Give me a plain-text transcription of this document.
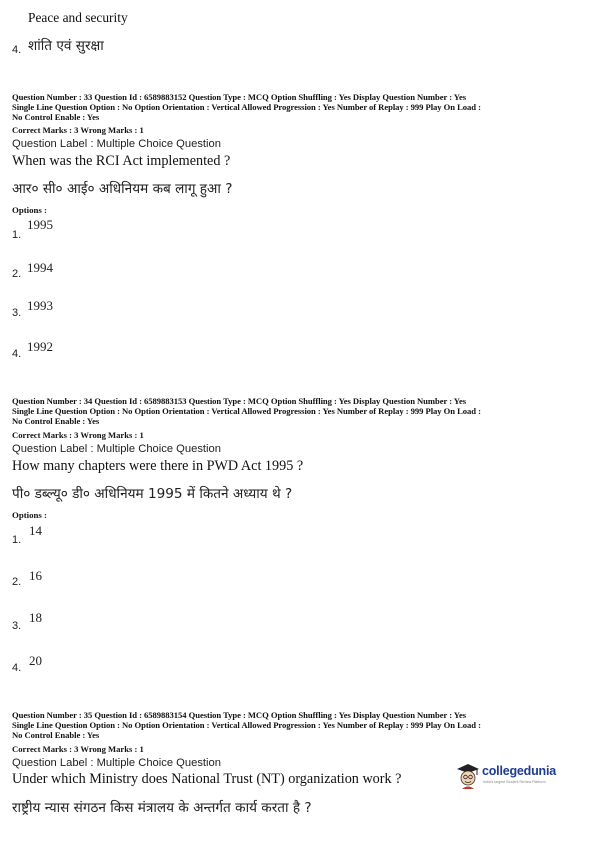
Peace and security
4. शांति एवं सुरक्षा
Question Number : 33 Question Id : 6589883152 Question Type : MCQ Option Shuffling : Yes Display Question Number : Yes
Single Line Question Option : No Option Orientation : Vertical Allowed Progression : Yes Number of Replay : 999 Play On Load :
No Control Enable : Yes
Correct Marks : 3 Wrong Marks : 1
Question Label : Multiple Choice Question
When was the RCI Act implemented ?
आर० सी० आई० अधिनियम कब लागू हुआ ?
Options :
1.
1995
2. 1994
3. 1993
4. 1992
Question Number : 34 Question Id : 6589883153 Question Type : MCQ Option Shuffling : Yes Display Question Number : Yes
Single Line Question Option : No Option Orientation : Vertical Allowed Progression : Yes Number of Replay : 999 Play On Load :
No Control Enable : Yes
Correct Marks : 3 Wrong Marks : 1
Question Label : Multiple Choice Question
How many chapters were there in PWD Act 1995 ?
पी० डब्ल्यू० डी० अधिनियम 1995 में कितने अध्याय थे ?
Options :
1.
14
2. 16
3.
18
4. 20
Question Number : 35 Question Id : 6589883154 Question Type : MCQ Option Shuffling : Yes Display Question Number : Yes
Single Line Question Option : No Option Orientation : Vertical Allowed Progression : Yes Number of Replay : 999 Play On Load :
No Control Enable : Yes
Correct Marks : 3 Wrong Marks : 1
Question Label : Multiple Choice Question
Under which Ministry does National Trust (NT) organization work ?
राष्ट्रीय न्यास संगठन किस मंत्रालय के अन्तर्गत कार्य करता है ?
collegedunia
India's largest Student Review Platform
